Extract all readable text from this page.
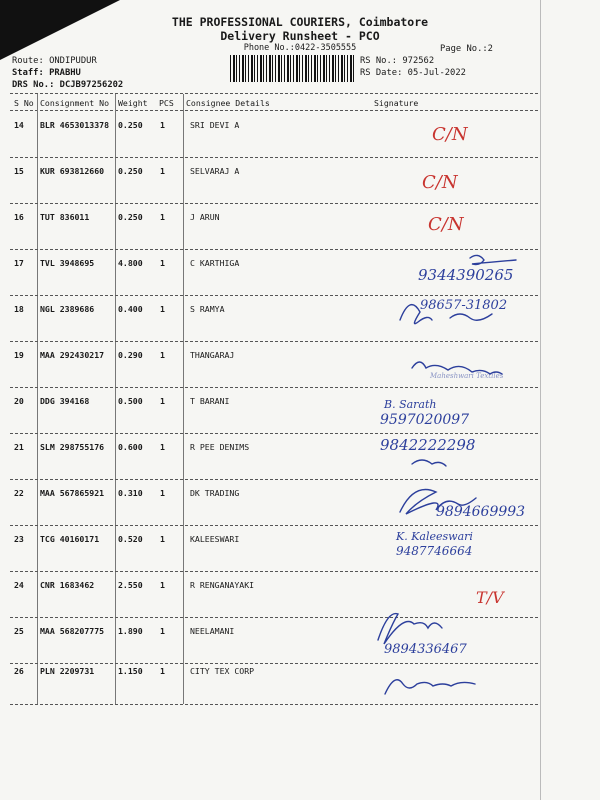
THE PROFESSIONAL COURIERS, Coimbatore
Delivery Runsheet - PCO
Phone No.:0422-3505555
Route: ONDIPUDUR
Staff: PRABHU
DRS No.: DCJB97256202
Page No.:2
RS No.: 972562
RS Date: 05-Jul-2022
S No Consignment No Weight PCS Consignee Details	Signature
14 BLR 4653013378 0.250 1	SRI DEVI A	C/N
15 KUR 693812660 0.250 1	SELVARAJ A
C/N
16 TUT 836011	0.250 1	J ARUN	C/N
17 TVL 3948695	4.800 1	C KARTHIGA
9344390265
18 NGL 2389686	0.400 1	S RAMYA	98657-31802
19 MAA 292430217 0.290 1	THANGARAJ
Maheshwari Textiles
20 DDG 394168	0.500 1	T BARANI	B. Sarath
9597020097
21 SLM 298755176 0.600 1	R PEE DENIMS	9842222298
22 MAA 567865921 0.310 1	DK TRADING
9894669993
23 TCG 40160171 0.520 1	KALEESWARI	K. Kaleeswari
9487746664
24 CNR 1683462	2.550 1	R RENGANAYAKI
T/V
25 MAA 568207775 1.890 1	NEELAMANI
9894336467
26 PLN 2209731	1.150 1	CITY TEX CORP
